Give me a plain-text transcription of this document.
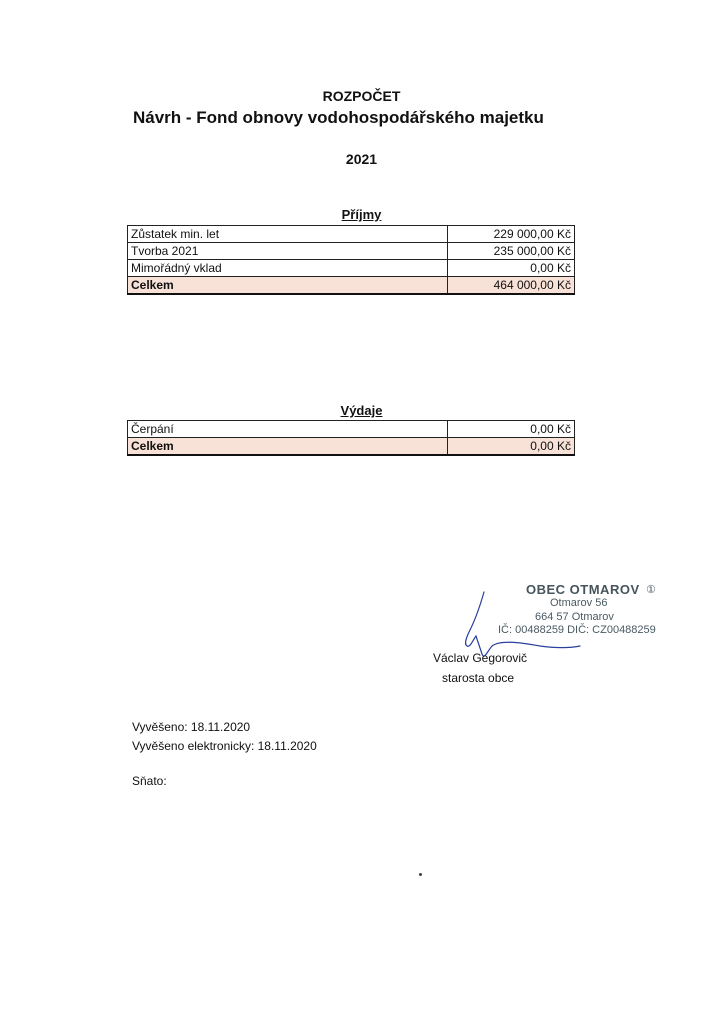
ROZPOČET
Návrh - Fond obnovy vodohospodářského majetku
2021
Příjmy
Zůstatek min. let	229 000,00 Kč
Tvorba 2021	235 000,00 Kč
Mimořádný vklad	0,00 Kč
Celkem	464 000,00 Kč
Výdaje
Čerpání	0,00 Kč
Celkem	0,00 Kč
OBEC OTMAROV ①
Otmarov 56
664 57 Otmarov
IČ: 00488259 DIČ: CZ00488259
Václav Gegorovič
starosta obce
Vyvěšeno: 18.11.2020
Vyvěšeno elektronicky: 18.11.2020
Sňato:
